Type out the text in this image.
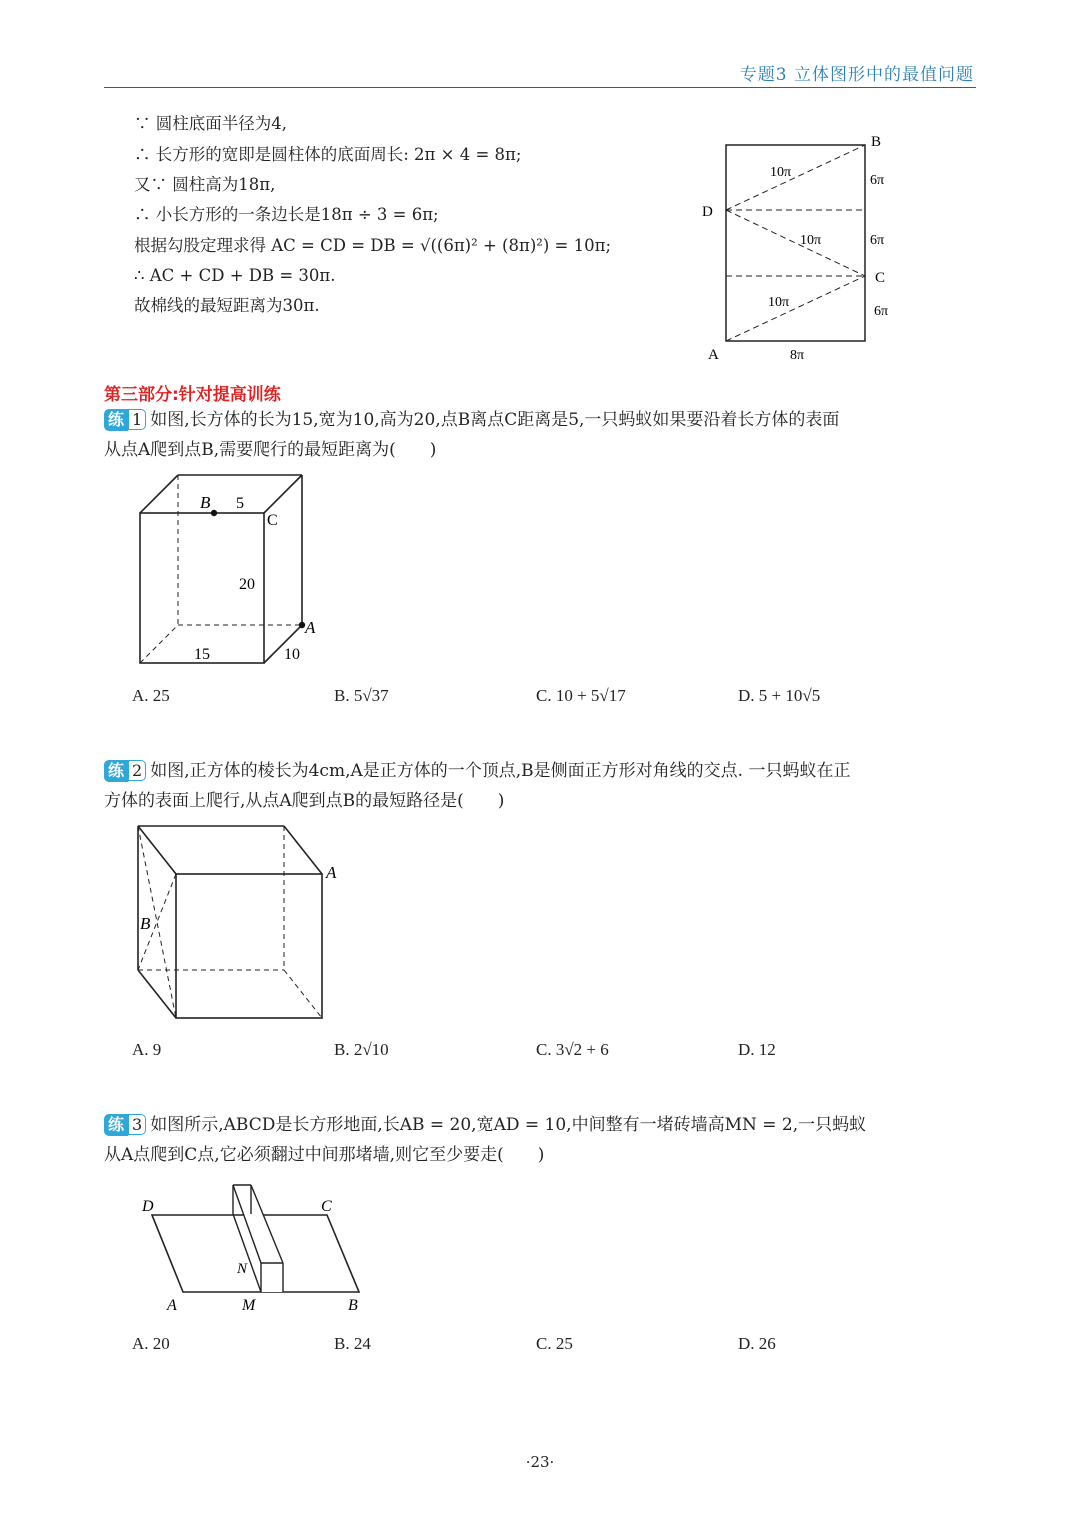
专题3 立体图形中的最值问题
∵ 圆柱底面半径为4,
∴ 长方形的宽即是圆柱体的底面周长: 2π × 4 = 8π;
又∵ 圆柱高为18π,
∴ 小长方形的一条边长是18π ÷ 3 = 6π;
根据勾股定理求得 AC = CD = DB = √((6π)² + (8π)²) = 10π;
∴ AC + CD + DB = 30π.
故棉线的最短距离为30π.
B
D
C
A
10π
10π
10π
6π
6π
6π
8π
第三部分:针对提高训练
练 1 如图,长方体的长为15,宽为10,高为20,点B离点C距离是5,一只蚂蚁如果要沿着长方体的表面
从点A爬到点B,需要爬行的最短距离为(　　)
B 5
C
20
A
15	10
A. 25	B. 5√37	C. 10 + 5√17	D. 5 + 10√5
练 2 如图,正方体的棱长为4cm,A是正方体的一个顶点,B是侧面正方形对角线的交点. 一只蚂蚁在正
方体的表面上爬行,从点A爬到点B的最短路径是(　　)
A
B
A. 9	B. 2√10	C. 3√2 + 6	D. 12
练 3 如图所示,ABCD是长方形地面,长AB = 20,宽AD = 10,中间整有一堵砖墙高MN = 2,一只蚂蚁
从A点爬到C点,它必须翻过中间那堵墙,则它至少要走(　　)
D	C
N
A	M	B
A. 20	B. 24	C. 25	D. 26
·23·
